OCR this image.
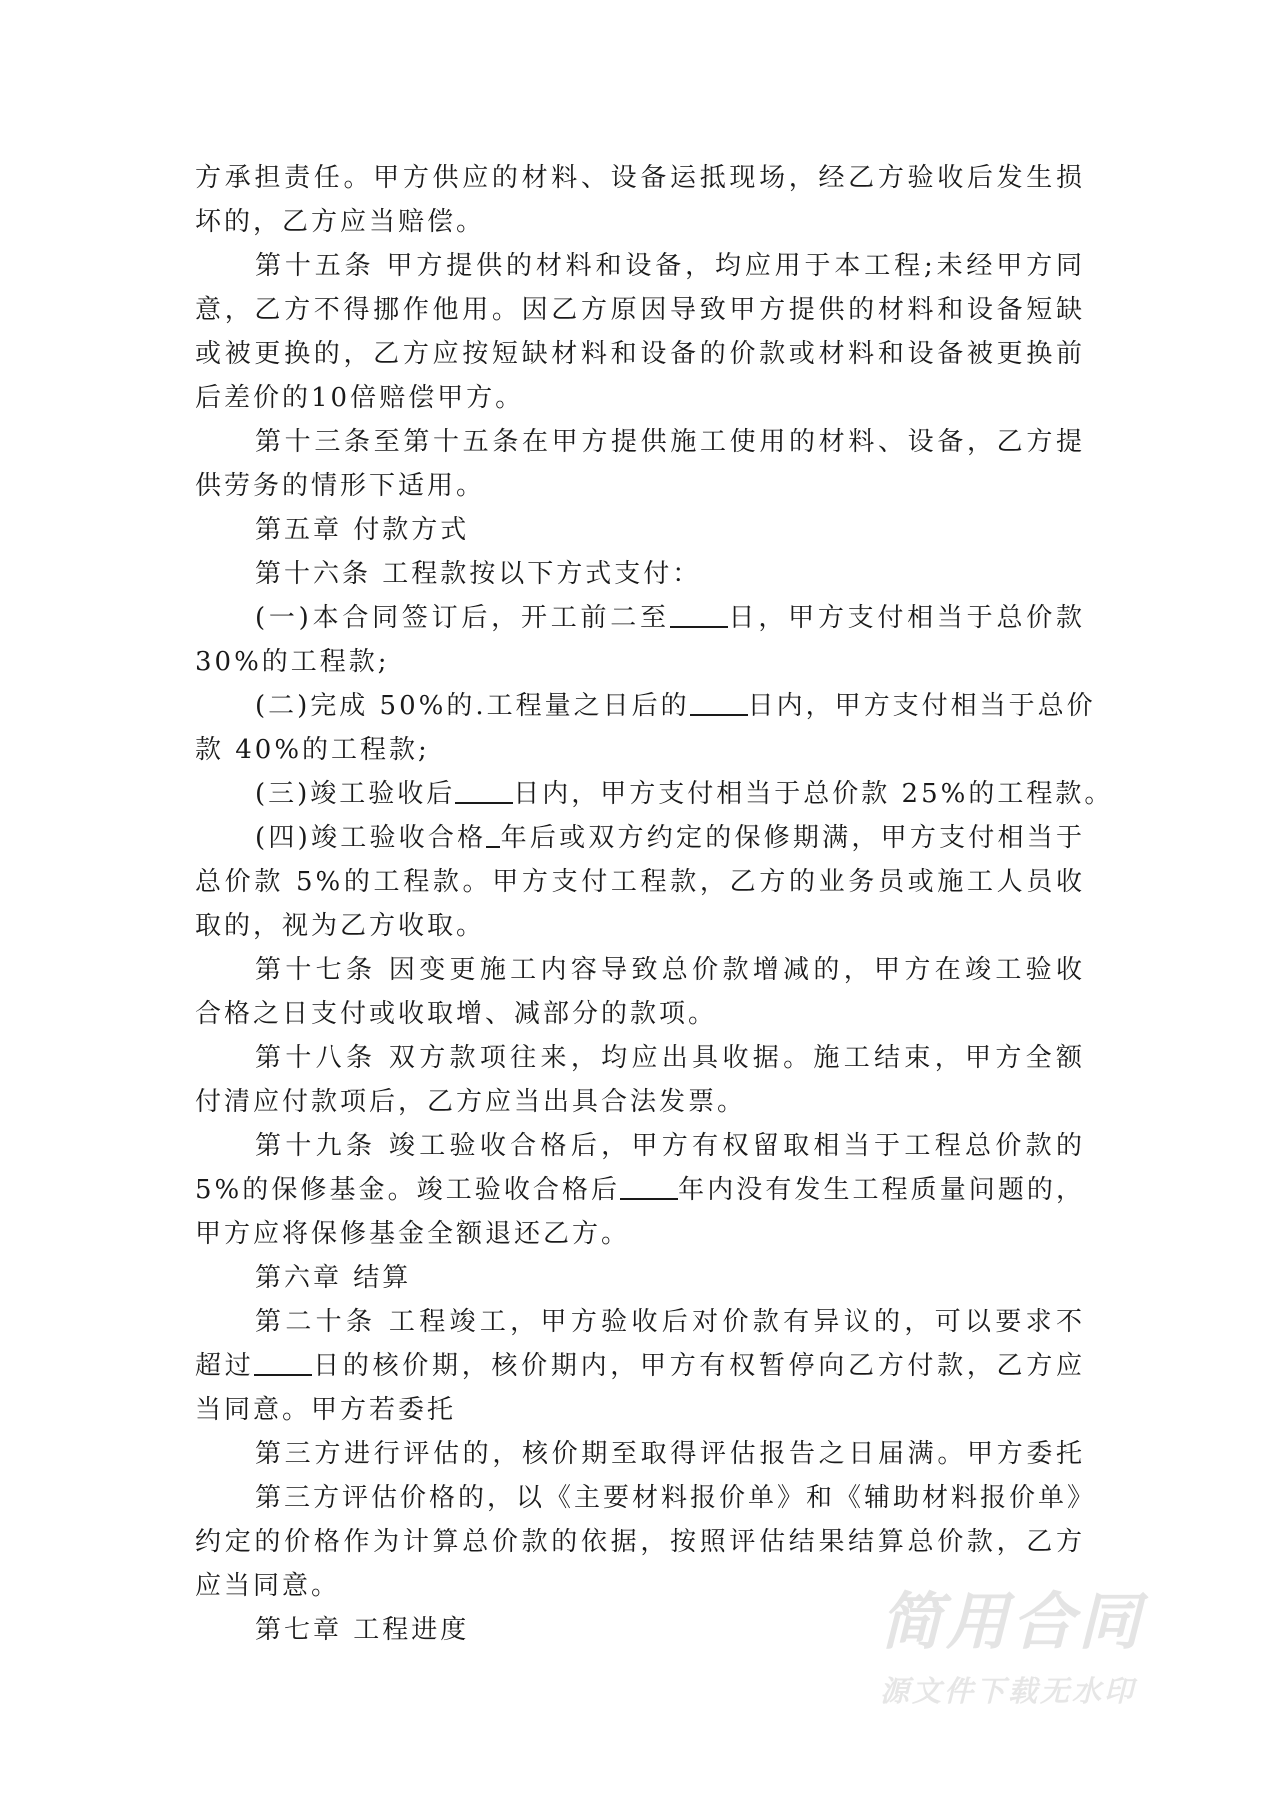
方承担责任。甲方供应的材料、设备运抵现场，经乙方验收后发生损
坏的，乙方应当赔偿。
第十五条 甲方提供的材料和设备，均应用于本工程;未经甲方同
意，乙方不得挪作他用。因乙方原因导致甲方提供的材料和设备短缺
或被更换的，乙方应按短缺材料和设备的价款或材料和设备被更换前
后差价的10倍赔偿甲方。
第十三条至第十五条在甲方提供施工使用的材料、设备，乙方提
供劳务的情形下适用。
第五章 付款方式
第十六条 工程款按以下方式支付：
(一)本合同签订后，开工前二至 日，甲方支付相当于总价款
30%的工程款;
(二)完成 50%的.工程量之日后的 日内，甲方支付相当于总价
款 40%的工程款;
(三)竣工验收后 日内，甲方支付相当于总价款 25%的工程款。
(四)竣工验收合格 年后或双方约定的保修期满，甲方支付相当于
总价款 5%的工程款。甲方支付工程款，乙方的业务员或施工人员收
取的，视为乙方收取。
第十七条 因变更施工内容导致总价款增减的，甲方在竣工验收
合格之日支付或收取增、减部分的款项。
第十八条 双方款项往来，均应出具收据。施工结束，甲方全额
付清应付款项后，乙方应当出具合法发票。
第十九条 竣工验收合格后，甲方有权留取相当于工程总价款的
5%的保修基金。竣工验收合格后 年内没有发生工程质量问题的，
甲方应将保修基金全额退还乙方。
第六章 结算
第二十条 工程竣工，甲方验收后对价款有异议的，可以要求不
超过 日的核价期，核价期内，甲方有权暂停向乙方付款，乙方应
当同意。甲方若委托
第三方进行评估的，核价期至取得评估报告之日届满。甲方委托
第三方评估价格的，以《主要材料报价单》和《辅助材料报价单》
约定的价格作为计算总价款的依据，按照评估结果结算总价款，乙方
应当同意。
第七章 工程进度	简用合同
源文件下载无水印
